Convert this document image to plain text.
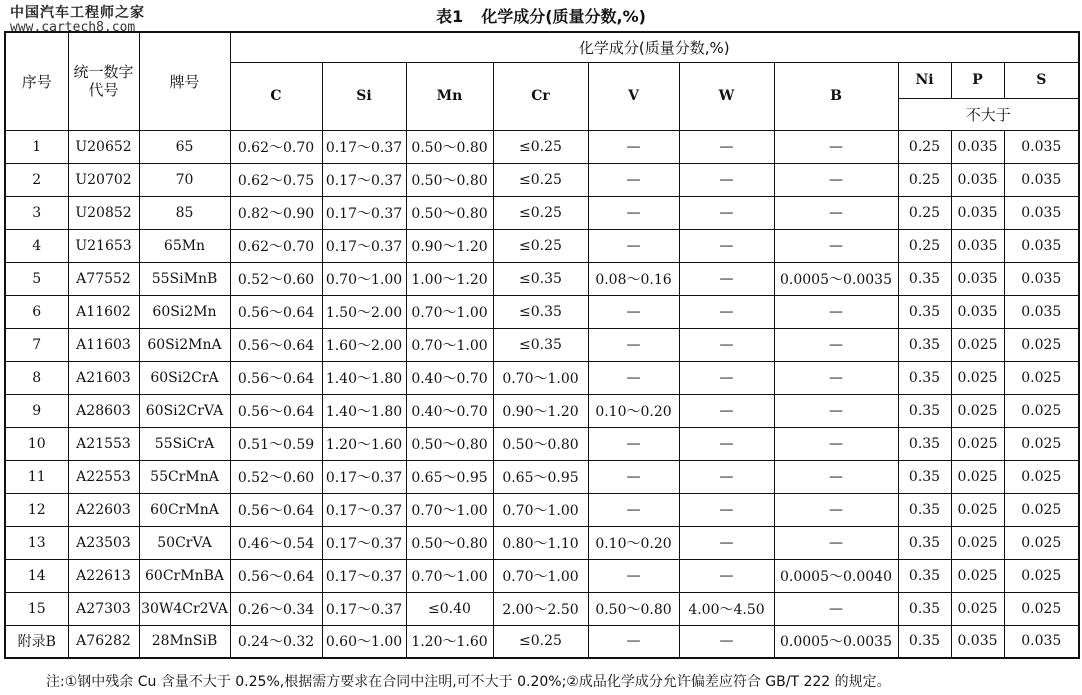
中国汽车工程师之家
www.cartech8.com
表1 化学成分(质量分数,%)
序号	统一数字代号	牌号	化学成分(质量分数,%)									
			C	Si	Mn	Cr	V	W	B	Ni	P	S
										不大于		
1	U20652	65	0.62～0.70	0.17～0.37	0.50～0.80	≤0.25	—	—	—	0.25	0.035	0.035
2	U20702	70	0.62～0.75	0.17～0.37	0.50～0.80	≤0.25	—	—	—	0.25	0.035	0.035
3	U20852	85	0.82～0.90	0.17～0.37	0.50～0.80	≤0.25	—	—	—	0.25	0.035	0.035
4	U21653	65Mn	0.62～0.70	0.17～0.37	0.90～1.20	≤0.25	—	—	—	0.25	0.035	0.035
5	A77552	55SiMnB	0.52～0.60	0.70～1.00	1.00～1.20	≤0.35	0.08～0.16	—	0.0005～0.0035	0.35	0.035	0.035
6	A11602	60Si2Mn	0.56～0.64	1.50～2.00	0.70～1.00	≤0.35	—	—	—	0.35	0.035	0.035
7	A11603	60Si2MnA	0.56～0.64	1.60～2.00	0.70～1.00	≤0.35	—	—	—	0.35	0.025	0.025
8	A21603	60Si2CrA	0.56～0.64	1.40～1.80	0.40～0.70	0.70～1.00	—	—	—	0.35	0.025	0.025
9	A28603	60Si2CrVA	0.56～0.64	1.40～1.80	0.40～0.70	0.90～1.20	0.10～0.20	—	—	0.35	0.025	0.025
10	A21553	55SiCrA	0.51～0.59	1.20～1.60	0.50～0.80	0.50～0.80	—	—	—	0.35	0.025	0.025
11	A22553	55CrMnA	0.52～0.60	0.17～0.37	0.65～0.95	0.65～0.95	—	—	—	0.35	0.025	0.025
12	A22603	60CrMnA	0.56～0.64	0.17～0.37	0.70～1.00	0.70～1.00	—	—	—	0.35	0.025	0.025
13	A23503	50CrVA	0.46～0.54	0.17～0.37	0.50～0.80	0.80～1.10	0.10～0.20	—	—	0.35	0.025	0.025
14	A22613	60CrMnBA	0.56～0.64	0.17～0.37	0.70～1.00	0.70～1.00	—	—	0.0005～0.0040	0.35	0.025	0.025
15	A27303	30W4Cr2VA	0.26～0.34	0.17～0.37	≤0.40	2.00～2.50	0.50～0.80	4.00～4.50	—	0.35	0.025	0.025
附录B	A76282	28MnSiB	0.24～0.32	0.60～1.00	1.20～1.60	≤0.25	—	—	0.0005～0.0035	0.35	0.035	0.035
注:①钢中残余 Cu 含量不大于 0.25%,根据需方要求在合同中注明,可不大于 0.20%;②成品化学成分允许偏差应符合 GB/T 222 的规定。
